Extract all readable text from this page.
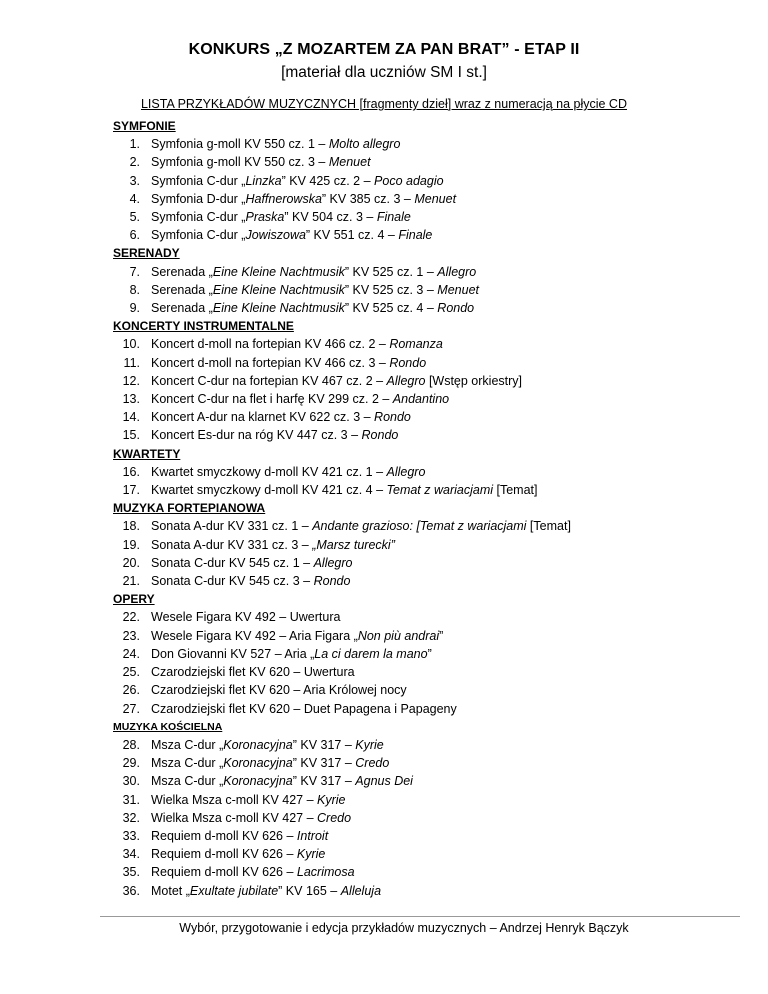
KONKURS „Z MOZARTEM ZA PAN BRAT” - ETAP II
[materiał dla uczniów SM I st.]
LISTA PRZYKŁADÓW MUZYCZNYCH [fragmenty dzieł] wraz z numeracją na płycie CD
SYMFONIE
1. Symfonia g-moll KV 550 cz. 1 – Molto allegro
2. Symfonia g-moll KV 550 cz. 3 – Menuet
3. Symfonia C-dur „Linzka” KV 425 cz. 2 – Poco adagio
4. Symfonia D-dur „Haffnerowska” KV 385 cz. 3 – Menuet
5. Symfonia C-dur „Praska” KV 504 cz. 3 – Finale
6. Symfonia C-dur „Jowiszowa” KV 551 cz. 4 – Finale
SERENADY
7. Serenada „Eine Kleine Nachtmusik” KV 525 cz. 1 – Allegro
8. Serenada „Eine Kleine Nachtmusik” KV 525 cz. 3 – Menuet
9. Serenada „Eine Kleine Nachtmusik” KV 525 cz. 4 – Rondo
KONCERTY INSTRUMENTALNE
10. Koncert d-moll na fortepian KV 466 cz. 2 – Romanza
11. Koncert d-moll na fortepian KV 466 cz. 3 – Rondo
12. Koncert C-dur na fortepian KV 467 cz. 2 – Allegro [Wstęp orkiestry]
13. Koncert C-dur na flet i harfę KV 299 cz. 2 – Andantino
14. Koncert A-dur na klarnet KV 622 cz. 3 – Rondo
15. Koncert Es-dur na róg KV 447 cz. 3 – Rondo
KWARTETY
16. Kwartet smyczkowy d-moll KV 421 cz. 1 – Allegro
17. Kwartet smyczkowy d-moll KV 421 cz. 4 – Temat z wariacjami [Temat]
MUZYKA FORTEPIANOWA
18. Sonata A-dur KV 331 cz. 1 – Andante grazioso: [Temat z wariacjami [Temat]
19. Sonata A-dur KV 331 cz. 3 – „Marsz turecki”
20. Sonata C-dur KV 545 cz. 1 – Allegro
21. Sonata C-dur KV 545 cz. 3 – Rondo
OPERY
22. Wesele Figara KV 492 – Uwertura
23. Wesele Figara KV 492 – Aria Figara „Non più andrai”
24. Don Giovanni KV 527 – Aria „La ci darem la mano”
25. Czarodziejski flet KV 620 – Uwertura
26. Czarodziejski flet KV 620 – Aria Królowej nocy
27. Czarodziejski flet KV 620 – Duet Papagena i Papageny
MUZYKA KOŚCIELNA
28. Msza C-dur „Koronacyjna” KV 317 – Kyrie
29. Msza C-dur „Koronacyjna” KV 317 – Credo
30. Msza C-dur „Koronacyjna” KV 317 – Agnus Dei
31. Wielka Msza c-moll KV 427 – Kyrie
32. Wielka Msza c-moll KV 427 – Credo
33. Requiem d-moll KV 626 – Introit
34. Requiem d-moll KV 626 – Kyrie
35. Requiem d-moll KV 626 – Lacrimosa
36. Motet „Exultate jubilate” KV 165 – Alleluja
Wybór, przygotowanie i edycja przykładów muzycznych – Andrzej Henryk Bączyk
